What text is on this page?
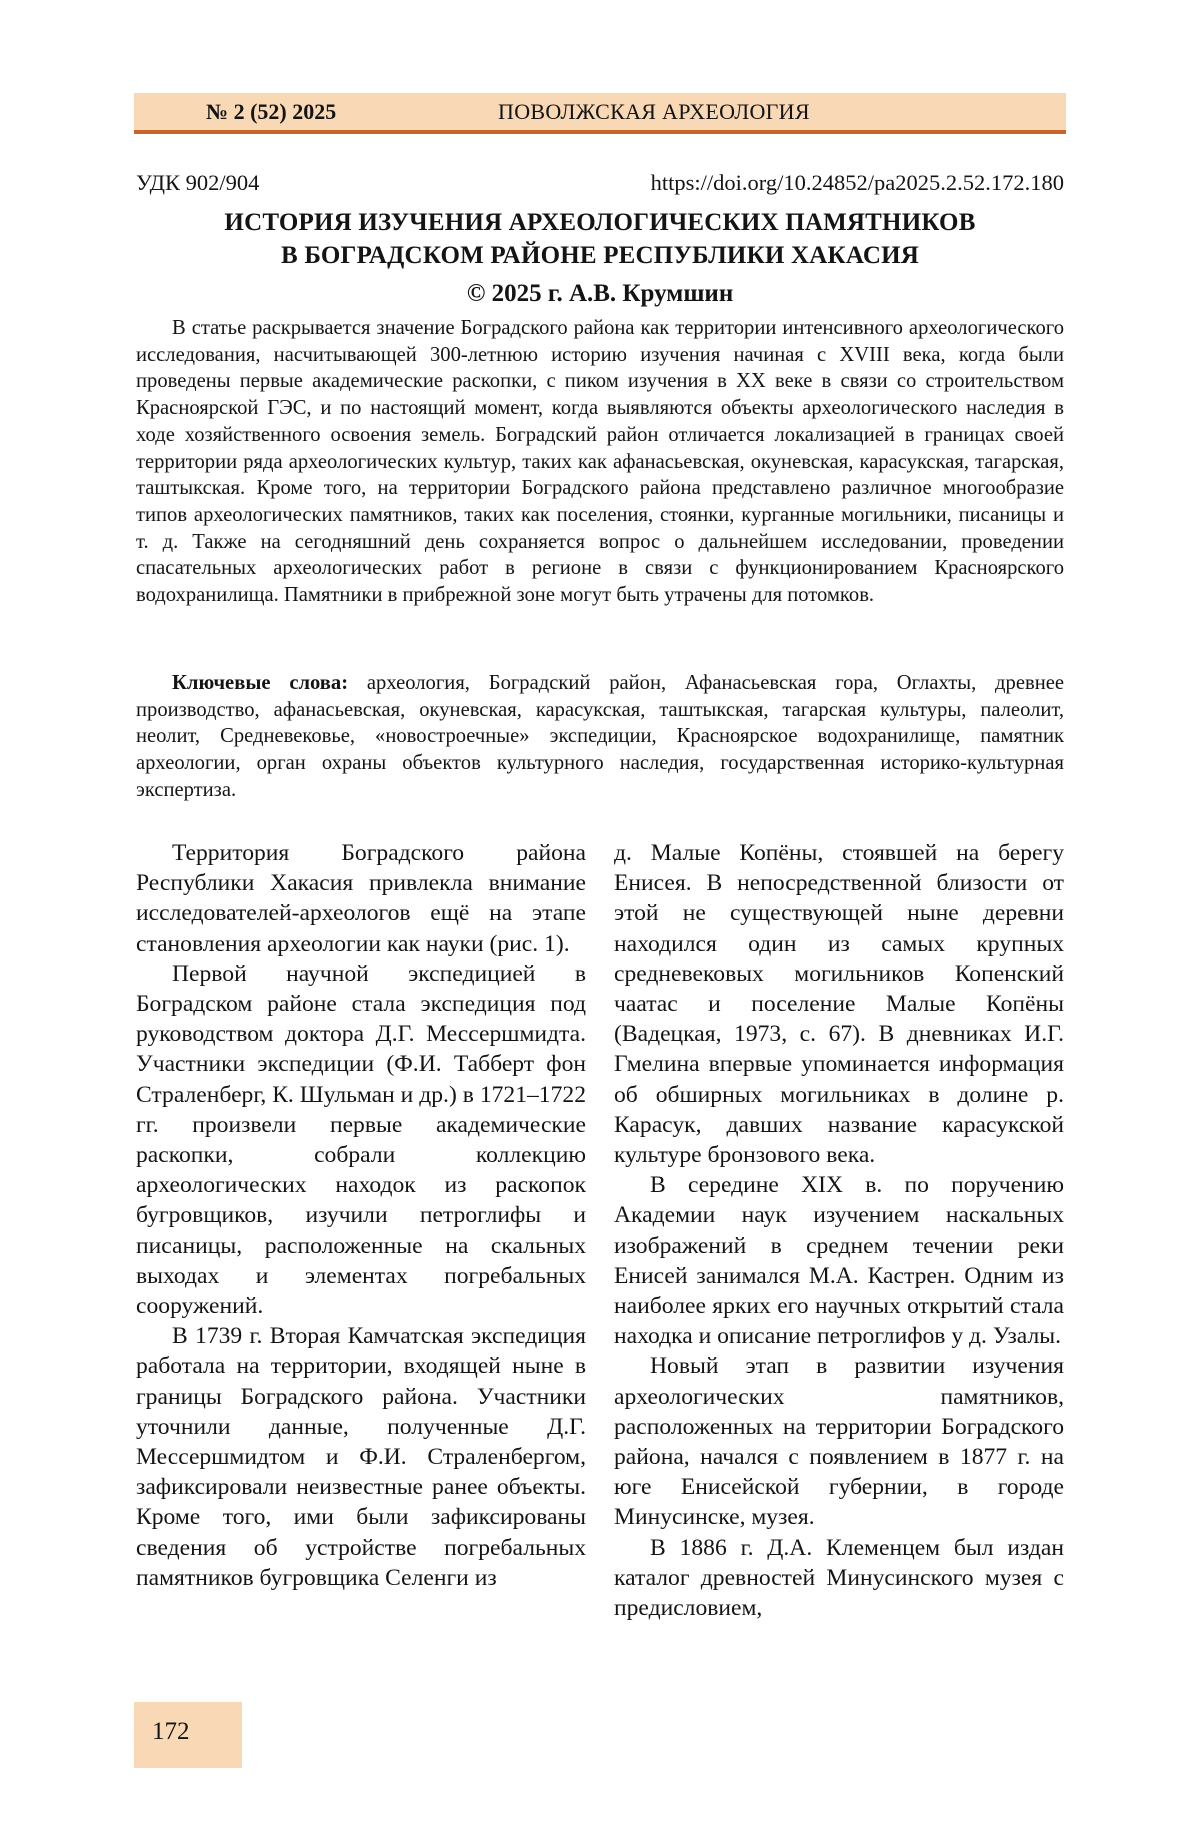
№ 2 (52) 2025	ПОВОЛЖСКАЯ АРХЕОЛОГИЯ
УДК 902/904	https://doi.org/10.24852/pa2025.2.52.172.180
ИСТОРИЯ ИЗУЧЕНИЯ АРХЕОЛОГИЧЕСКИХ ПАМЯТНИКОВ
В БОГРАДСКОМ РАЙОНЕ РЕСПУБЛИКИ ХАКАСИЯ
© 2025 г. А.В. Крумшин

В статье раскрывается значение Боградского района как территории интенсивного археологического исследования, насчитывающей 300-летнюю историю изучения начиная с XVIII века, когда были проведены первые академические раскопки, с пиком изучения в XX веке в связи со строительством Красноярской ГЭС, и по настоящий момент, когда выявляются объекты археологического наследия в ходе хозяйственного освоения земель. Боградский район отличается локализацией в границах своей территории ряда археологических культур, таких как афанасьевская, окуневская, карасукская, тагарская, таштыкская. Кроме того, на территории Боградского района представлено различное многообразие типов археологических памятников, таких как поселения, стоянки, курганные могильники, писаницы и т. д. Также на сегодняшний день сохраняется вопрос о дальнейшем исследовании, проведении спасательных археологических работ в регионе в связи с функционированием Красноярского водохранилища. Памятники в прибрежной зоне могут быть утрачены для потомков.

Ключевые слова: археология, Боградский район, Афанасьевская гора, Оглахты, древнее производство, афанасьевская, окуневская, карасукская, таштыкская, тагарская культуры, палеолит, неолит, Средневековье, «новостроечные» экспедиции, Красноярское водохранилище, памятник археологии, орган охраны объектов культурного наследия, государственная историко-культурная экспертиза.

Территория Боградского района Республики Хакасия привлекла внимание исследователей-археологов ещё на этапе становления археологии как науки (рис. 1).

Первой научной экспедицией в Боградском районе стала экспедиция под руководством доктора Д.Г. Мессершмидта. Участники экспедиции (Ф.И. Табберт фон Страленберг, К. Шульман и др.) в 1721–1722 гг. произвели первые академические раскопки, собрали коллекцию археологических находок из раскопок бугровщиков, изучили петроглифы и писаницы, расположенные на скальных выходах и элементах погребальных сооружений.

В 1739 г. Вторая Камчатская экспедиция работала на территории, входящей ныне в границы Боградского района. Участники уточнили данные, полученные Д.Г. Мессершмидтом и Ф.И. Страленбергом, зафиксировали неизвестные ранее объекты. Кроме того, ими были зафиксированы сведения об устройстве погребальных памятников бугровщика Селенги из

д. Малые Копёны, стоявшей на берегу Енисея. В непосредственной близости от этой не существующей ныне деревни находился один из самых крупных средневековых могильников Копенский чаатас и поселение Малые Копёны (Вадецкая, 1973, с. 67). В дневниках И.Г. Гмелина впервые упоминается информация об обширных могильниках в долине р. Карасук, давших название карасукской культуре бронзового века.

В середине XIX в. по поручению Академии наук изучением наскальных изображений в среднем течении реки Енисей занимался М.А. Кастрен. Одним из наиболее ярких его научных открытий стала находка и описание петроглифов у д. Узалы.

Новый этап в развитии изучения археологических памятников, расположенных на территории Боградского района, начался с появлением в 1877 г. на юге Енисейской губернии, в городе Минусинске, музея.

В 1886 г. Д.А. Клеменцем был издан каталог древностей Минусинского музея с предисловием,

172
